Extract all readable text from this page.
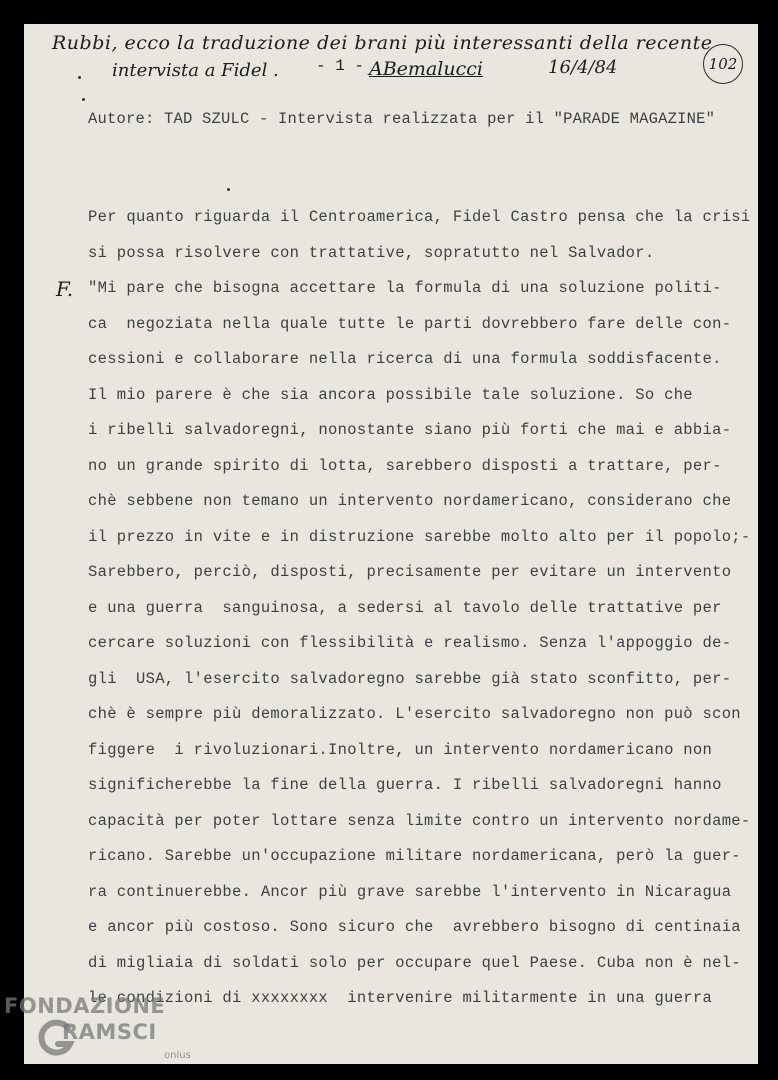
Rubbi, ecco la traduzione dei brani più interessanti della recente
intervista a Fidel . - 1 - ABemalucci	16/4/84	102
Autore: TAD SZULC - Intervista realizzata per il "PARADE MAGAZINE"
F.
Per quanto riguarda il Centroamerica, Fidel Castro pensa che la crisi
si possa risolvere con trattative, sopratutto nel Salvador.
"Mi pare che bisogna accettare la formula di una soluzione politi-
ca  negoziata nella quale tutte le parti dovrebbero fare delle con-
cessioni e collaborare nella ricerca di una formula soddisfacente.
Il mio parere è che sia ancora possibile tale soluzione. So che
i ribelli salvadoregni, nonostante siano più forti che mai e abbia-
no un grande spirito di lotta, sarebbero disposti a trattare, per-
chè sebbene non temano un intervento nordamericano, considerano che
il prezzo in vite e in distruzione sarebbe molto alto per il popolo;-
Sarebbero, perciò, disposti, precisamente per evitare un intervento
e una guerra  sanguinosa, a sedersi al tavolo delle trattative per
cercare soluzioni con flessibilità e realismo. Senza l'appoggio de-
gli  USA, l'esercito salvadoregno sarebbe già stato sconfitto, per-
chè è sempre più demoralizzato. L'esercito salvadoregno non può scon
figgere  i rivoluzionari.Inoltre, un intervento nordamericano non
significherebbe la fine della guerra. I ribelli salvadoregni hanno
capacità per poter lottare senza limite contro un intervento nordame-
ricano. Sarebbe un'occupazione militare nordamericana, però la guer-
ra continuerebbe. Ancor più grave sarebbe l'intervento in Nicaragua
e ancor più costoso. Sono sicuro che  avrebbero bisogno di centinaia
di migliaia di soldati solo per occupare quel Paese. Cuba non è nel-
le condizioni di xxxxxxxx  intervenire militarmente in una guerra
FONDAZIONE
RAMSCI
onlus
